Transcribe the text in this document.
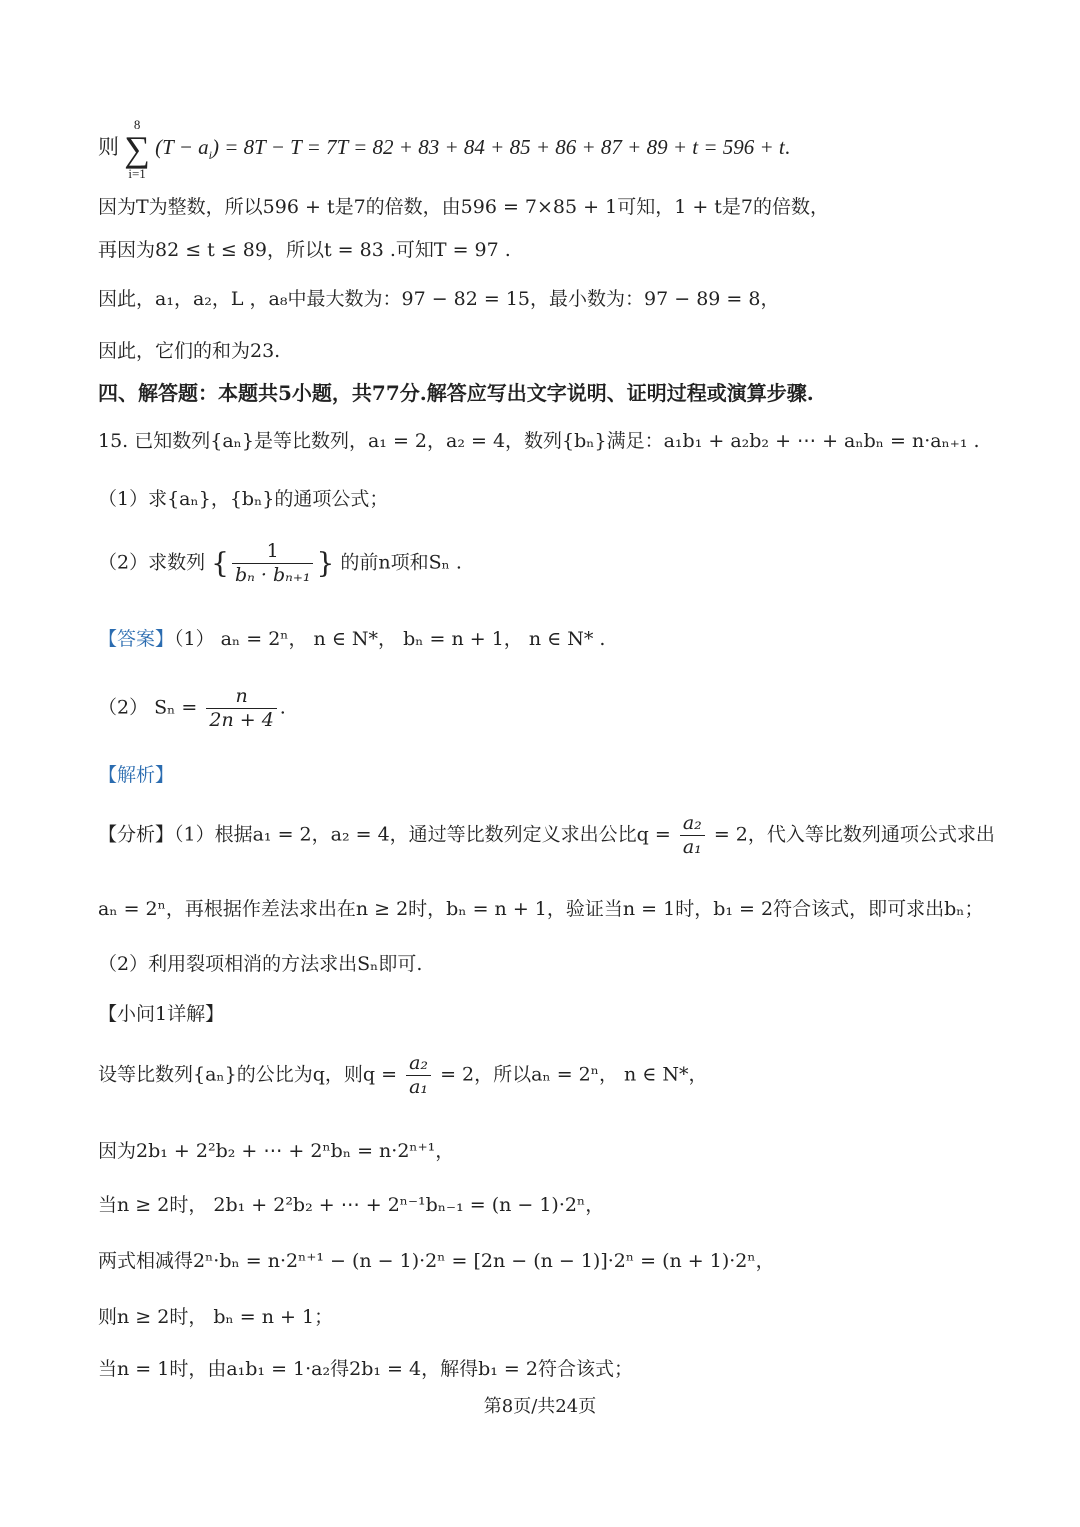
则 8
∑
i=1 $(T - a_i) = 8T - T = 7T = 82 + 83 + 84 + 85 + 86 + 87 + 89 + t = 596 + t$.
因为T为整数，所以596 + t是7的倍数，由596 = 7×85 + 1可知，1 + t是7的倍数，
再因为82 ≤ t ≤ 89，所以t = 83 .可知T = 97 .
因此，a₁，a₂，L ，a₈中最大数为：97 − 82 = 15，最小数为：97 − 89 = 8，
因此，它们的和为23.
四、解答题：本题共5小题，共77分.解答应写出文字说明、证明过程或演算步骤.
15. 已知数列{aₙ}是等比数列，a₁ = 2，a₂ = 4，数列{bₙ}满足：a₁b₁ + a₂b₂ + ⋯ + aₙbₙ = n·aₙ₊₁ .
（1）求{aₙ}，{bₙ}的通项公式；
（2）求数列 { $\frac{1}{\text{bₙ · bₙ₊₁}}$ } 的前n项和Sₙ .
【答案】（1） aₙ = 2ⁿ， n ∈ N*， bₙ = n + 1， n ∈ N* .
（2） $S_n = \frac{n}{2n + 4}$ .
【解析】
【分析】（1）根据a₁ = 2，a₂ = 4，通过等比数列定义求出公比$q = \frac{\text{a₂}}{\text{a₁}} = 2$，代入等比数列通项公式求出
aₙ = 2ⁿ，再根据作差法求出在n ≥ 2时，bₙ = n + 1，验证当n = 1时，b₁ = 2符合该式，即可求出bₙ；
（2）利用裂项相消的方法求出Sₙ即可.
【小问1详解】
设等比数列{aₙ}的公比为q，则$q = \frac{\text{a₂}}{\text{a₁}} = 2$，所以aₙ = 2ⁿ， n ∈ N*，
因为2b₁ + 2²b₂ + ⋯ + 2ⁿbₙ = n·2ⁿ⁺¹，
当n ≥ 2时， 2b₁ + 2²b₂ + ⋯ + 2ⁿ⁻¹bₙ₋₁ = (n − 1)·2ⁿ，
两式相减得2ⁿ·bₙ = n·2ⁿ⁺¹ − (n − 1)·2ⁿ = [2n − (n − 1)]·2ⁿ = (n + 1)·2ⁿ，
则n ≥ 2时， bₙ = n + 1；
当n = 1时，由a₁b₁ = 1·a₂得2b₁ = 4，解得b₁ = 2符合该式；
第8页/共24页
